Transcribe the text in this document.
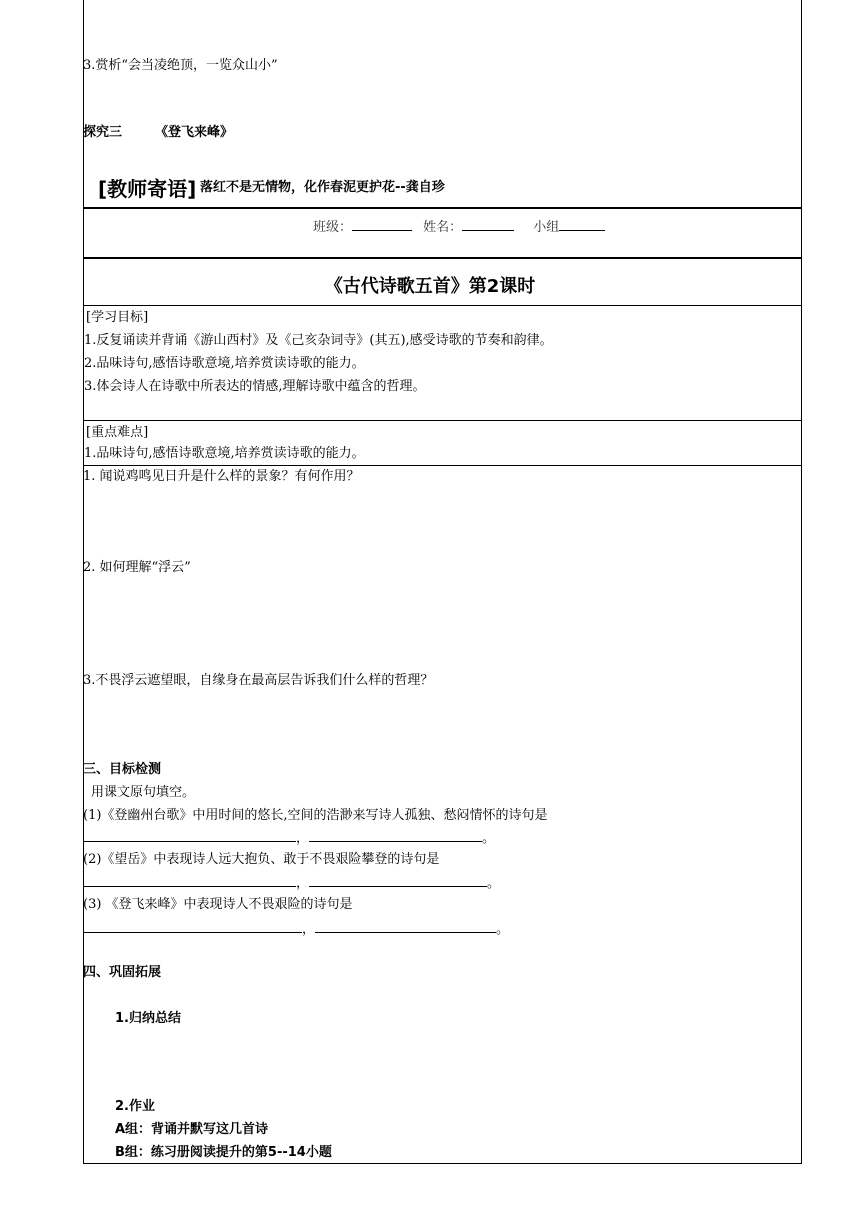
3.赏析“会当凌绝顶，一览众山小”
探究三	《登飞来峰》
[教师寄语] 落红不是无情物，化作春泥更护花--龚自珍
班级：	姓名：	小组
《古代诗歌五首》第2课时
[学习目标]
1.反复诵读并背诵《游山西村》及《己亥杂词寺》(其五),感受诗歌的节奏和韵律。
2.品味诗句,感悟诗歌意境,培养赏读诗歌的能力。
3.体会诗人在诗歌中所表达的情感,理解诗歌中蕴含的哲理。
[重点难点]
1.品味诗句,感悟诗歌意境,培养赏读诗歌的能力。
1. 闻说鸡鸣见日升是什么样的景象？有何作用？
2. 如何理解“浮云”
3.不畏浮云遮望眼，自缘身在最高层告诉我们什么样的哲理？
三、目标检测
用课文原句填空。
(1)《登幽州台歌》中用时间的悠长,空间的浩渺来写诗人孤独、愁闷情怀的诗句是
，	。
(2)《望岳》中表现诗人远大抱负、敢于不畏艰险攀登的诗句是
，	。
(3) 《登飞来峰》中表现诗人不畏艰险的诗句是
，	。
四、巩固拓展
1.归纳总结
2.作业
A组：背诵并默写这几首诗
B组：练习册阅读提升的第5--14小题
